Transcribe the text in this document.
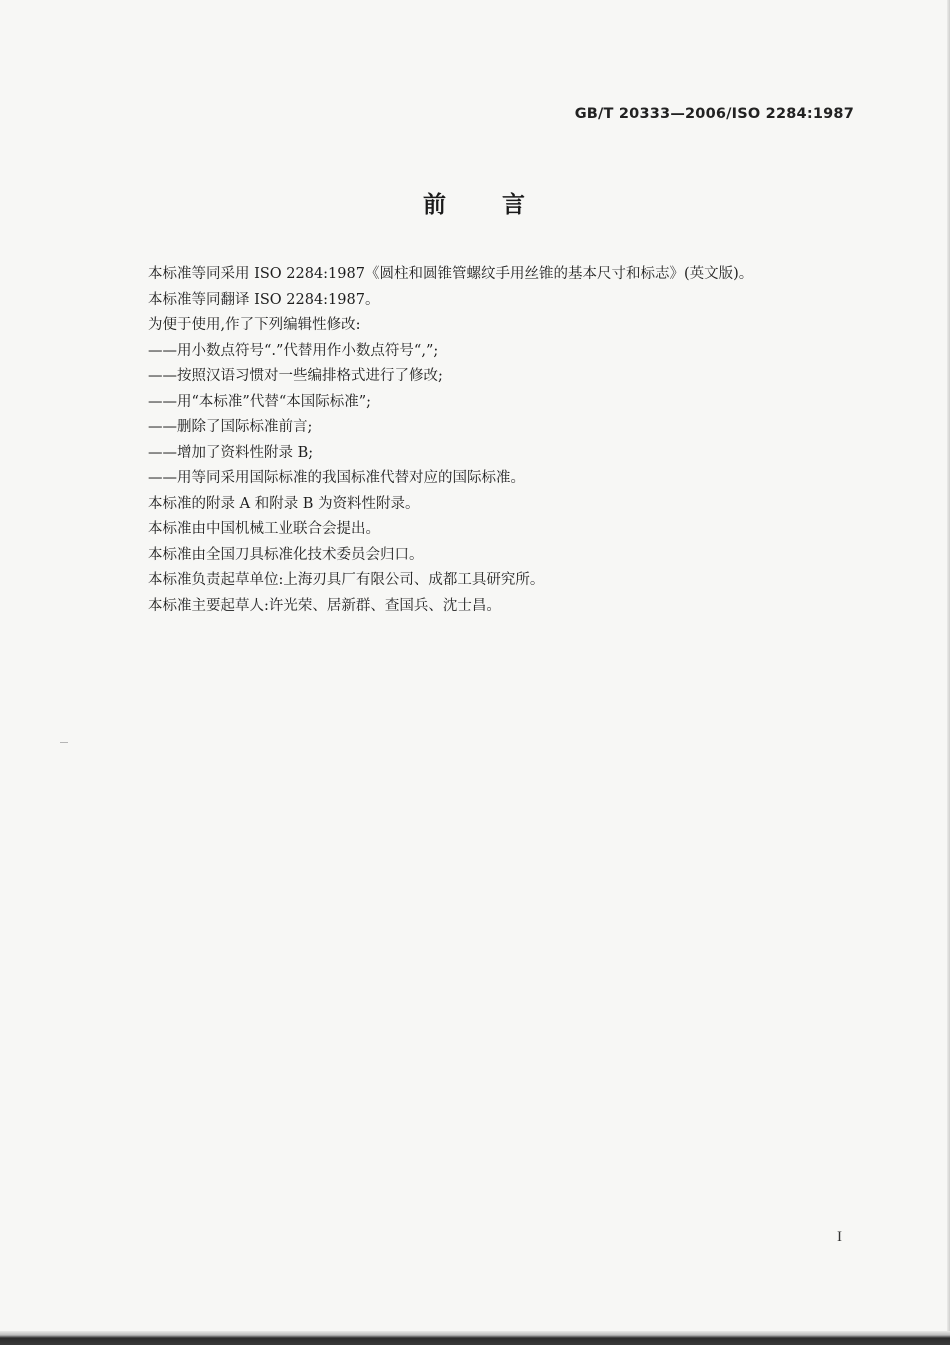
GB/T 20333—2006/ISO 2284:1987
前 言
本标准等同采用 ISO 2284:1987《圆柱和圆锥管螺纹手用丝锥的基本尺寸和标志》(英文版)。
本标准等同翻译 ISO 2284:1987。
为便于使用,作了下列编辑性修改:
——用小数点符号“.”代替用作小数点符号“,”;
——按照汉语习惯对一些编排格式进行了修改;
——用“本标准”代替“本国际标准”;
——删除了国际标准前言;
——增加了资料性附录 B;
——用等同采用国际标准的我国标准代替对应的国际标准。
本标准的附录 A 和附录 B 为资料性附录。
本标准由中国机械工业联合会提出。
本标准由全国刀具标准化技术委员会归口。
本标准负责起草单位:上海刃具厂有限公司、成都工具研究所。
本标准主要起草人:许光荣、居新群、查国兵、沈士昌。
I
